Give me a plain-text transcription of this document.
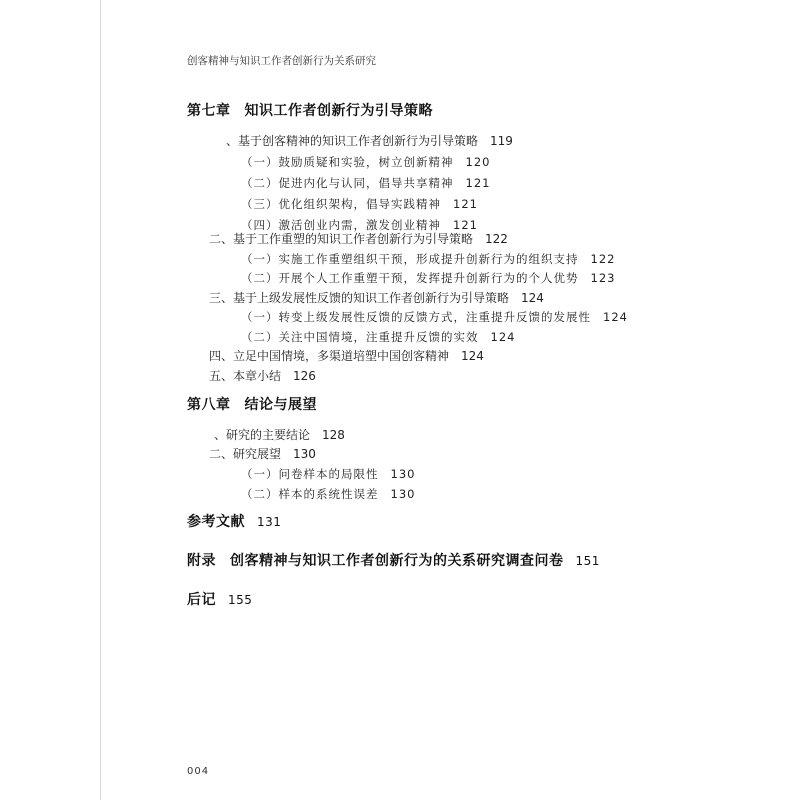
创客精神与知识工作者创新行为关系研究
第七章 知识工作者创新行为引导策略
、基于创客精神的知识工作者创新行为引导策略 119
（一）鼓励质疑和实验，树立创新精神 120
（二）促进内化与认同，倡导共享精神 121
（三）优化组织架构，倡导实践精神 121
（四）激活创业内需，激发创业精神 121
二、基于工作重塑的知识工作者创新行为引导策略 122
（一）实施工作重塑组织干预，形成提升创新行为的组织支持 122
（二）开展个人工作重塑干预，发挥提升创新行为的个人优势 123
三、基于上级发展性反馈的知识工作者创新行为引导策略 124
（一）转变上级发展性反馈的反馈方式，注重提升反馈的发展性 124
（二）关注中国情境，注重提升反馈的实效 124
四、立足中国情境，多渠道培塑中国创客精神 124
五、本章小结 126
第八章 结论与展望
、研究的主要结论 128
二、研究展望 130
（一）问卷样本的局限性 130
（二）样本的系统性误差 130
参考文献 131
附录 创客精神与知识工作者创新行为的关系研究调查问卷 151
后记 155
004
